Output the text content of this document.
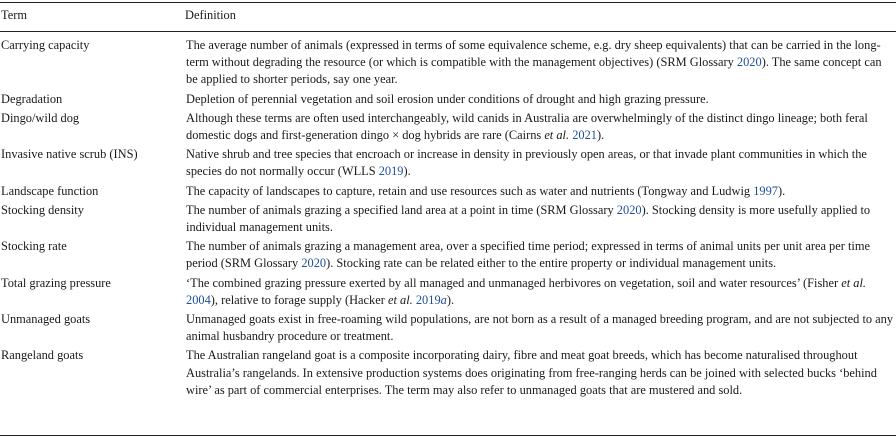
Term	Definition
Carrying capacity	The average number of animals (expressed in terms of some equivalence scheme, e.g. dry sheep equivalents) that can be carried in the long-term without degrading the resource (or which is compatible with the management objectives) (SRM Glossary 2020). The same concept can be applied to shorter periods, say one year.
Degradation	Depletion of perennial vegetation and soil erosion under conditions of drought and high grazing pressure.
Dingo/wild dog	Although these terms are often used interchangeably, wild canids in Australia are overwhelmingly of the distinct dingo lineage; both feral domestic dogs and first-generation dingo × dog hybrids are rare (Cairns et al. 2021).
Invasive native scrub (INS)	Native shrub and tree species that encroach or increase in density in previously open areas, or that invade plant communities in which the species do not normally occur (WLLS 2019).
Landscape function	The capacity of landscapes to capture, retain and use resources such as water and nutrients (Tongway and Ludwig 1997).
Stocking density	The number of animals grazing a specified land area at a point in time (SRM Glossary 2020). Stocking density is more usefully applied to individual management units.
Stocking rate	The number of animals grazing a management area, over a specified time period; expressed in terms of animal units per unit area per time period (SRM Glossary 2020). Stocking rate can be related either to the entire property or individual management units.
Total grazing pressure	‘The combined grazing pressure exerted by all managed and unmanaged herbivores on vegetation, soil and water resources’ (Fisher et al. 2004), relative to forage supply (Hacker et al. 2019a).
Unmanaged goats	Unmanaged goats exist in free-roaming wild populations, are not born as a result of a managed breeding program, and are not subjected to any animal husbandry procedure or treatment.
Rangeland goats	The Australian rangeland goat is a composite incorporating dairy, fibre and meat goat breeds, which has become naturalised throughout Australia’s rangelands. In extensive production systems does originating from free-ranging herds can be joined with selected bucks ‘behind wire’ as part of commercial enterprises. The term may also refer to unmanaged goats that are mustered and sold.
